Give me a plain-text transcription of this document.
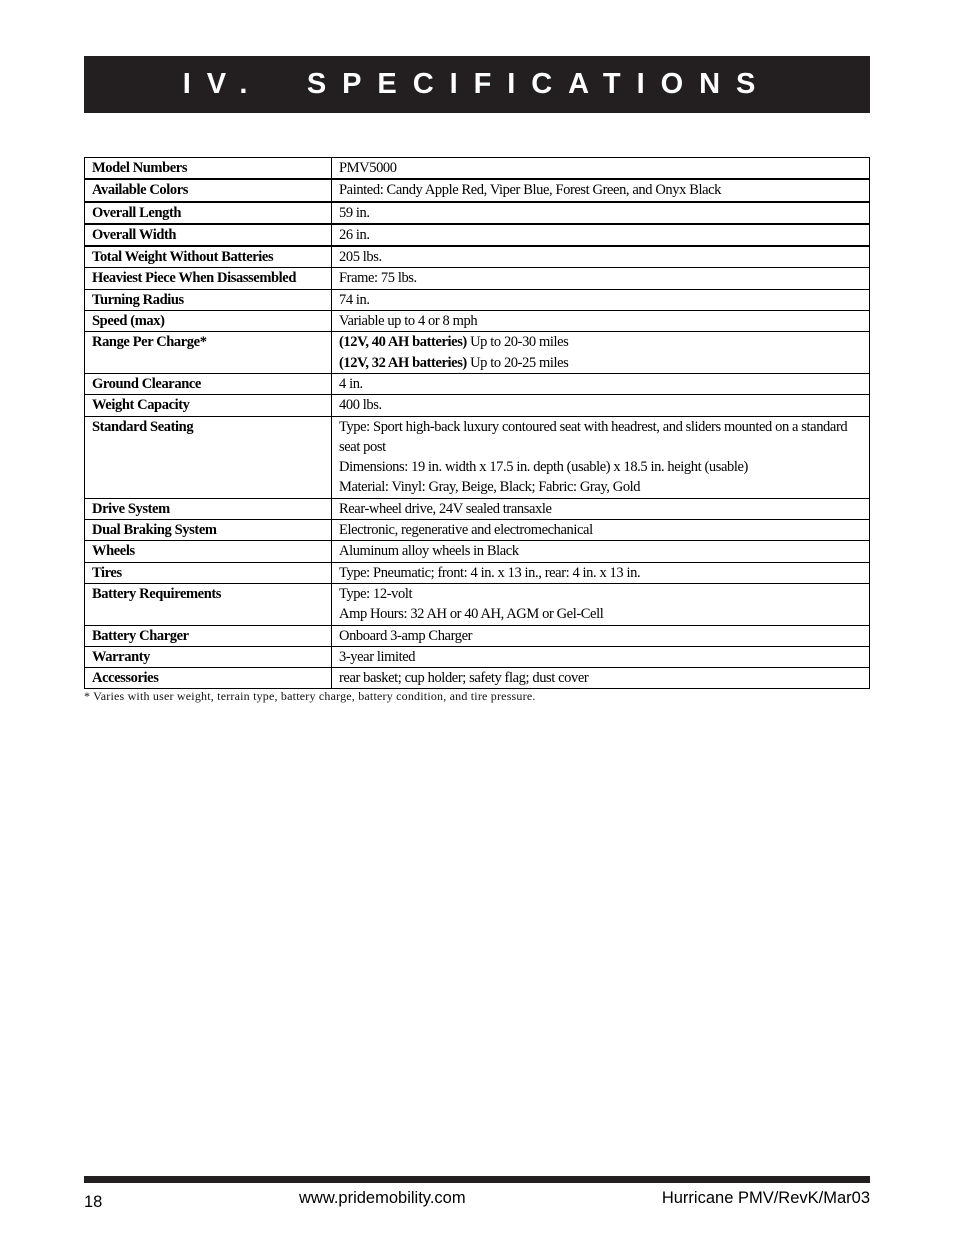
IV. SPECIFICATIONS
Model Numbers	PMV5000

Available Colors	Painted: Candy Apple Red, Viper Blue, Forest Green, and Onyx Black

Overall Length	59 in.

Overall Width	26 in.

Total Weight Without Batteries	205 lbs.

Heaviest Piece When Disassembled	Frame: 75 lbs.

Turning Radius	74 in.

Speed (max)	Variable up to 4 or 8 mph

Range Per Charge*	(12V, 40 AH batteries) Up to 20-30 miles
(12V, 32 AH batteries) Up to 20-25 miles

Ground Clearance	4 in.

Weight Capacity	400 lbs.

Standard Seating	Type: Sport high-back luxury contoured seat with headrest, and sliders mounted on a standard seat post
Dimensions: 19 in. width x 17.5 in. depth (usable) x 18.5 in. height (usable)
Material: Vinyl: Gray, Beige, Black; Fabric: Gray, Gold

Drive System	Rear-wheel drive, 24V sealed transaxle

Dual Braking System	Electronic, regenerative and electromechanical

Wheels	Aluminum alloy wheels in Black

Tires	Type: Pneumatic; front: 4 in. x 13 in., rear: 4 in. x 13 in.

Battery Requirements	Type: 12-volt
Amp Hours: 32 AH or 40 AH, AGM or Gel-Cell

Battery Charger	Onboard 3-amp Charger

Warranty	3-year limited

Accessories	rear basket; cup holder; safety flag; dust cover
* Varies with user weight, terrain type, battery charge, battery condition, and tire pressure.
18	www.pridemobility.com	Hurricane PMV/RevK/Mar03
